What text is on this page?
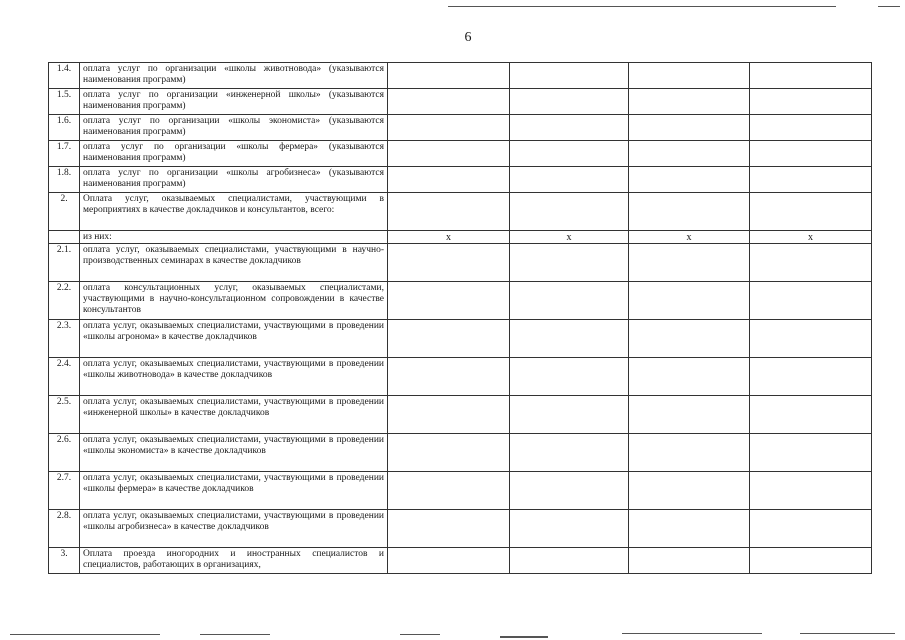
6
1.4.	оплата услуг по организации «школы животновода» (указываются наименования программ)				
1.5.	оплата услуг по организации «инженерной школы» (указываются наименования программ)				
1.6.	оплата услуг по организации «школы экономиста» (указываются наименования программ)				
1.7.	оплата услуг по организации «школы фермера» (указываются наименования программ)				
1.8.	оплата услуг по организации «школы агробизнеса» (указываются наименования программ)				
2.	Оплата услуг, оказываемых специалистами, участвующими в мероприятиях в качестве докладчиков и консультантов, всего:				
	из них:	х	х	х	х
2.1.	оплата услуг, оказываемых специалистами, участвующими в научно-производственных семинарах в качестве докладчиков				
2.2.	оплата консультационных услуг, оказываемых специалистами, участвующими в научно-консультационном сопровождении в качестве консультантов				
2.3.	оплата услуг, оказываемых специалистами, участвующими в проведении «школы агронома» в качестве докладчиков				
2.4.	оплата услуг, оказываемых специалистами, участвующими в проведении «школы животновода» в качестве докладчиков				
2.5.	оплата услуг, оказываемых специалистами, участвующими в проведении «инженерной школы» в качестве докладчиков				
2.6.	оплата услуг, оказываемых специалистами, участвующими в проведении «школы экономиста» в качестве докладчиков				
2.7.	оплата услуг, оказываемых специалистами, участвующими в проведении «школы фермера» в качестве докладчиков				
2.8.	оплата услуг, оказываемых специалистами, участвующими в проведении «школы агробизнеса» в качестве докладчиков				
3.	Оплата проезда иногородних и иностранных специалистов и специалистов, работающих в организациях,				
